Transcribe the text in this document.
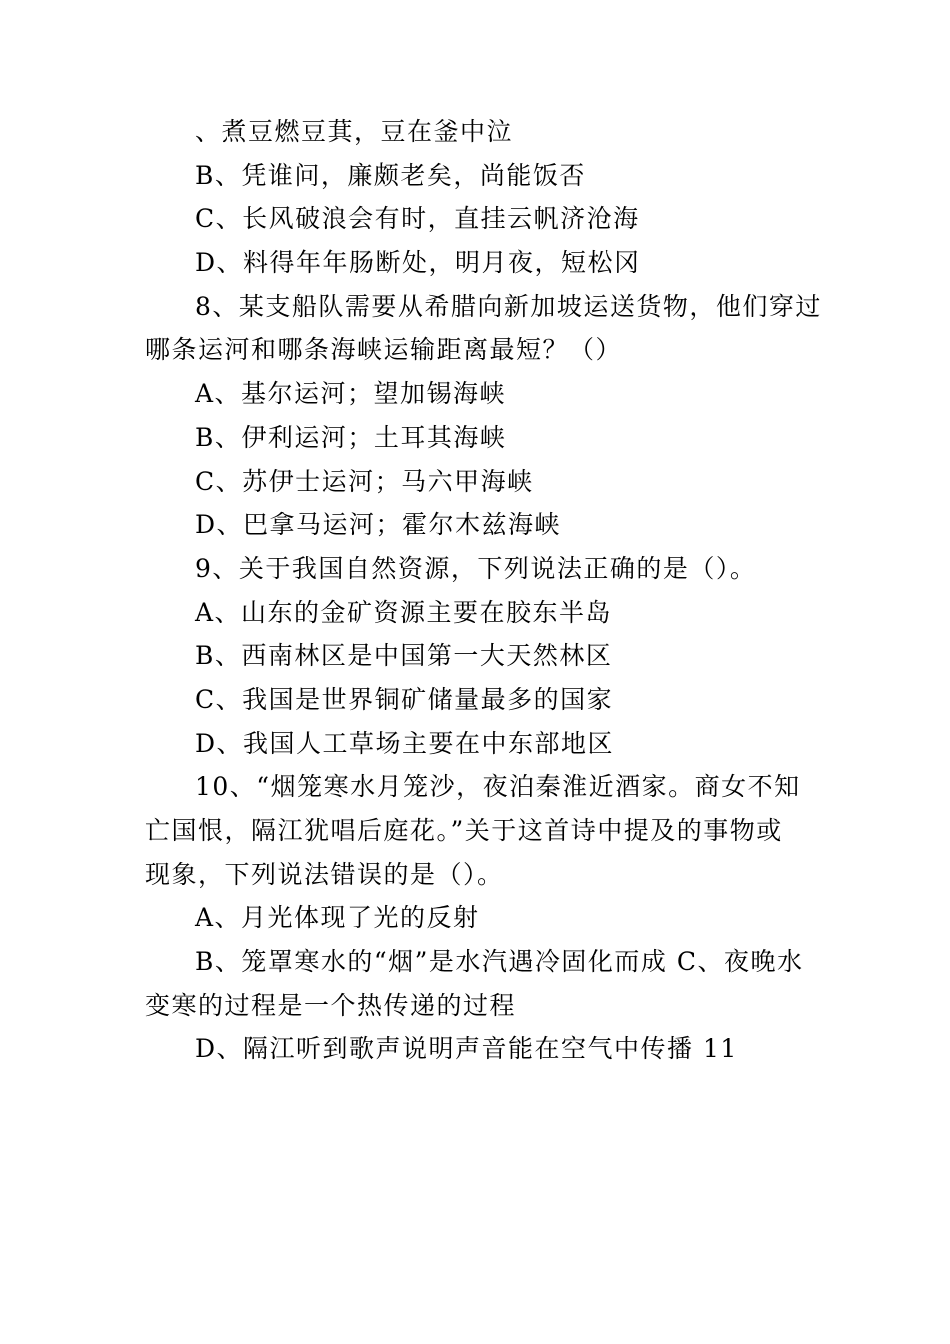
、煮豆燃豆萁，豆在釜中泣
B、凭谁问，廉颇老矣，尚能饭否
C、长风破浪会有时，直挂云帆济沧海
D、料得年年肠断处，明月夜，短松冈
8、某支船队需要从希腊向新加坡运送货物，他们穿过
哪条运河和哪条海峡运输距离最短？（）
A、基尔运河；望加锡海峡
B、伊利运河；土耳其海峡
C、苏伊士运河；马六甲海峡
D、巴拿马运河；霍尔木兹海峡
9、关于我国自然资源，下列说法正确的是（）。
A、山东的金矿资源主要在胶东半岛
B、西南林区是中国第一大天然林区
C、我国是世界铜矿储量最多的国家
D、我国人工草场主要在中东部地区
10、“烟笼寒水月笼沙，夜泊秦淮近酒家。商女不知
亡国恨，隔江犹唱后庭花。”关于这首诗中提及的事物或
现象，下列说法错误的是（）。
A、月光体现了光的反射
B、笼罩寒水的“烟”是水汽遇冷固化而成 C、夜晚水
变寒的过程是一个热传递的过程
D、隔江听到歌声说明声音能在空气中传播 11
